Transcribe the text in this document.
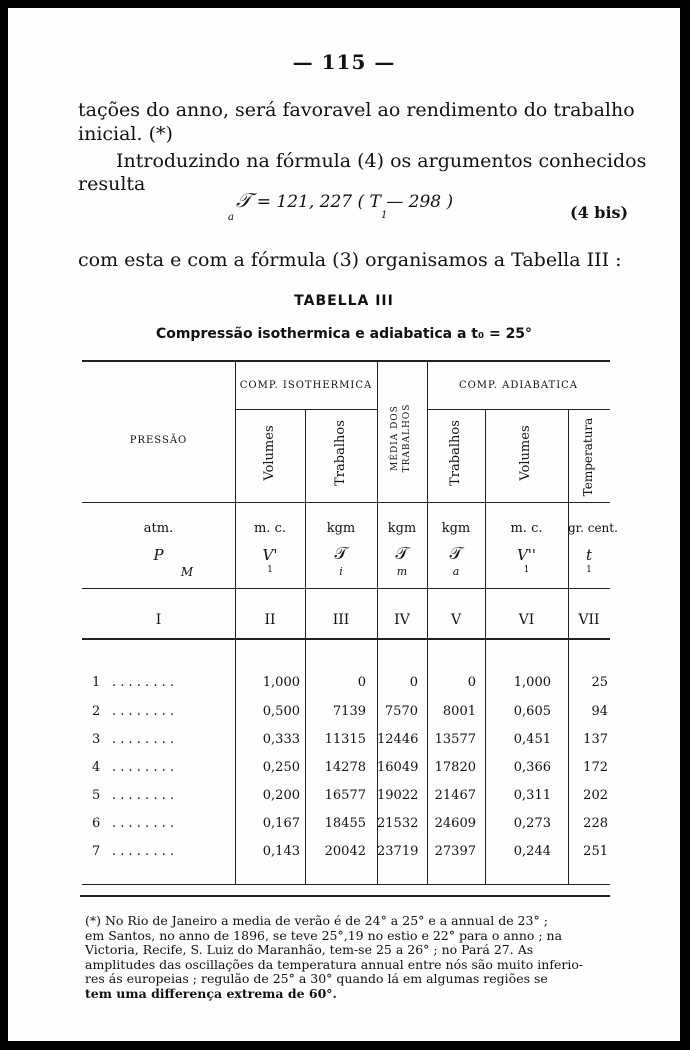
— 115 —
tações do anno, será favoravel ao rendimento do trabalho
inicial. (*)
Introduzindo na fórmula (4) os argumentos conhecidos
resulta
𝒯
a
= 121, 227 ( T — 298 )
1	(4 bis)
com esta e com a fórmula (3) organisamos a Tabella III :
TABELLA III
Compressão isothermica e adiabatica a t₀ = 25°
COMP. ISOTHERMICA	COMP. ADIABATICA
PRESSÃO	Volumes	Trabalhos	MÉDIA DOS TRABALHOS	Trabalhos	Volumes	Temperatura
atm.	m. c.	kgm	kgm	kgm	m. c.	gr. cent.
P	V'	𝒯	𝒯	𝒯	V''	t
M	1	i	m	a	1	1
I	II	III	IV	V	VI	VII
1 . . . . . . . .	1,000	0	0	0	1,000	25
2 . . . . . . . .	0,500	7139	7570	8001	0,605	94
3 . . . . . . . .	0,333	11315 12446	13577	0,451	137
4 . . . . . . . .	0,250	14278 16049	17820	0,366	172
5 . . . . . . . .	0,200	16577 19022	21467	0,311	202
6 . . . . . . . .	0,167	18455 21532	24609	0,273	228
7 . . . . . . . .	0,143	20042 23719	27397	0,244	251

(*) No Rio de Janeiro a media de verão é de 24° a 25° e a annual de 23° ;

em Santos, no anno de 1896, se teve 25°,19 no estio e 22° para o anno ; na

Victoria, Recife, S. Luiz do Maranhão, tem-se 25 a 26° ; no Pará 27. As

amplitudes das oscillações da temperatura annual entre nós são muito inferio-

res ás europeias ; regulão de 25° a 30° quando lá em algumas regiões se

tem uma differença extrema de 60°.
